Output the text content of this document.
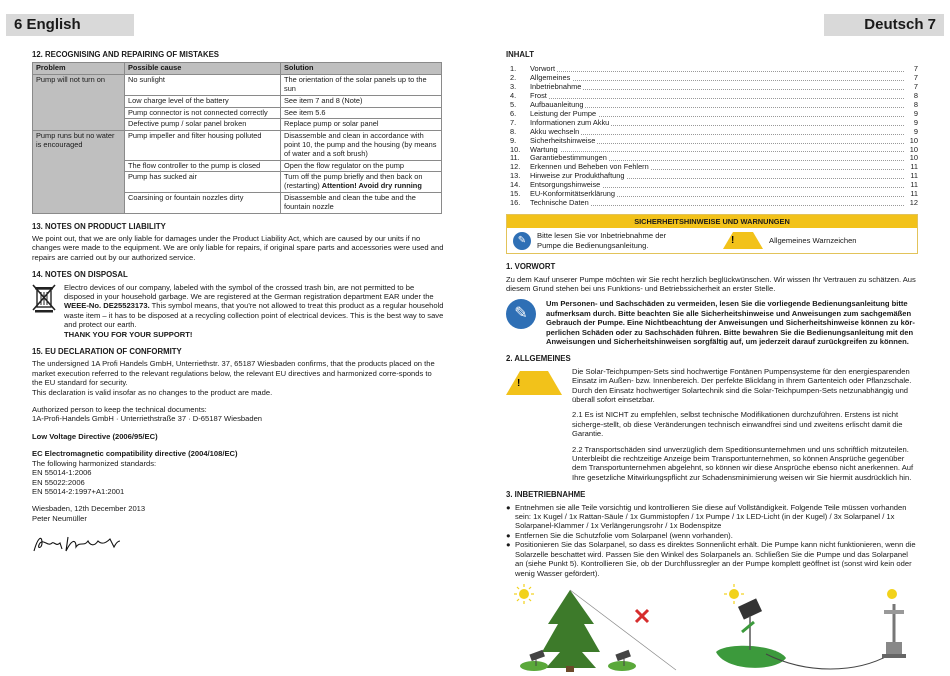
6 English	Deutsch 7
12. RECOGNISING AND REPAIRING OF MISTAKES
Problem	Possible cause	Solution
Pump will not turn on	No sunlight	The orientation of the solar panels up to the sun
	Low charge level of the battery	See item 7 and 8 (Note)
	Pump connector is not connected correctly	See item 5.6
	Defective pump / solar panel broken	Replace pump or solar panel
Pump runs but no water is encouraged	Pump impeller and filter housing polluted	Disassemble and clean in accordance with point 10, the pump and the housing (by means of water and a soft brush)
	The flow controller to the pump is closed	Open the flow regulator on the pump
	Pump has sucked air	Turn off the pump briefly and then back on (restarting) Attention! Avoid dry running
	Coarsining or fountain nozzles dirty	Disassemble and clean the tube and the fountain nozzle
13. NOTES ON PRODUCT LIABILITY

We point out, that we are only liable for damages under the Product Liability Act, which are caused by our units if no changes were made to the equipment. We are only liable for repairs, if original spare parts and accessories were used and repairs are carried out by our authorized service.

14. NOTES ON DISPOSAL

Electro devices of our company, labeled with the symbol of the crossed trash bin, are not permitted to be disposed in your household garbage. We are registered at the German registration department EAR under the WEEE-No. DE25523173. This symbol means, that you're not allowed to treat this product as a regular household waste item – it has to be disposed at a recycling collection point of electrical devices. This is the best way to save and protect our earth.

THANK YOU FOR YOUR SUPPORT!

15. EU DECLARATION OF CONFORMITY

The undersigned 1A Profi Handels GmbH, Unterriethstr. 37, 65187 Wiesbaden confirms, that the products placed on the market execution referred to the relevant regulations below, the relevant EU directives and harmonized corre-sponds to the EU standard for security.

This declaration is valid insofar as no changes to the product are made.

Authorized person to keep the technical documents:

1A-Profi-Handels GmbH · Unterriethstraße 37 · D-65187 Wiesbaden

Low Voltage Directive (2006/95/EC)

EC Electromagnetic compatibility directive (2004/108/EC)

The following harmonized standards:

EN 55014-1:2006

EN 55022:2006

EN 55014-2:1997+A1:2001

Wiesbaden, 12th December 2013

Peter Neumüller

INHALT
1.	Vorwort	7
2.	Allgemeines	7
3.	Inbetriebnahme	7
4.	Frost	8
5.	Aufbauanleitung	8
6.	Leistung der Pumpe	9
7.	Informationen zum Akku	9
8.	Akku wechseln	9
9.	Sicherheitshinweise	10
10.	Wartung	10
11.	Garantiebestimmungen	10
12.	Erkennen und Beheben von Fehlern	11
13.	Hinweise zur Produkthaftung	11
14.	Entsorgungshinweise	11
15.	EU-Konformitätserklärung	11
16.	Technische Daten	12
SICHERHEITSHINWEISE UND WARNUNGEN
✎	Bitte lesen Sie vor Inbetriebnahme der Pumpe die Bedienungsanleitung.	!	Allgemeines Warnzeichen
1. VORWORT

Zu dem Kauf unserer Pumpe möchten wir Sie recht herzlich beglückwünschen. Wir wissen Ihr Vertrauen zu schätzen. Aus diesem Grund stehen bei uns Funktions- und Betriebssicherheit an erster Stelle.

✎

Um Personen- und Sachschäden zu vermeiden, lesen Sie die vorliegende Bedienungsanleitung bitte aufmerksam durch. Bitte beachten Sie alle Sicherheitshinweise und Anweisungen zum sachgemäßen Gebrauch der Pumpe. Eine Nichtbeachtung der Anweisungen und Sicherheitshinweise können zu kör-perlichen Schäden oder zu Sachschäden führen. Bitte bewahren Sie die Bedienungsanleitung mit den Anweisungen und Sicherheitshinweisen sorgfältig auf, um jederzeit darauf zurückgreifen zu können.

2. ALLGEMEINES
!

Die Solar-Teichpumpen-Sets sind hochwertige Fontänen Pumpensysteme für den energiesparenden Einsatz im Außen- bzw. Innenbereich. Der perfekte Blickfang in Ihrem Gartenteich oder Pflanzschale. Durch den Einsatz hochwertiger Solartechnik sind die Solar-Teichpumpen-Sets netzunabhängig und überall sofort einsetzbar.

2.1 Es ist NICHT zu empfehlen, selbst technische Modifikationen durchzuführen. Erstens ist nicht sicherge-stellt, ob diese Veränderungen technisch einwandfrei sind und zweitens erlischt damit die Garantie.

2.2 Transportschäden sind unverzüglich dem Speditionsunternehmen und uns schriftlich mitzuteilen. Unterbleibt die rechtzeitige Anzeige beim Transportunternehmen, so können Ansprüche gegenüber dem Transportunternehmen abgelehnt, so können wir diese Ansprüche ebenso nicht anerkennen. Auf Ihre gesetzliche Mitwirkungspflicht zur Schadensminimierung weisen wir Sie hiermit ausdrücklich hin.

3. INBETRIEBNAHME
● Entnehmen sie alle Teile vorsichtig und kontrollieren Sie diese auf Vollständigkeit. Folgende Teile müssen vorhanden sein: 1x Kugel / 1x Rattan-Säule / 1x Gummistopfen / 1x Pumpe / 1x LED-Licht (in der Kugel) / 3x Solarpanel / 1x Solarpanel-Klammer / 1x Verlängerungsrohr / 1x Bodenspitze

● Entfernen Sie die Schutzfolie vom Solarpanel (wenn vorhanden).

● Positionieren Sie das Solarpanel, so dass es direktes Sonnenlicht erhält. Die Pumpe kann nicht funktionieren, wenn die Solarzelle beschattet wird. Passen Sie den Winkel des Solarpanels an. Schließen Sie die Pumpe und das Solarpanel an (siehe Punkt 5). Kontrollieren Sie, ob der Durchflussregler an der Pumpe komplett geöffnet ist (sonst wird kein oder wenig Wasser gefördert).
